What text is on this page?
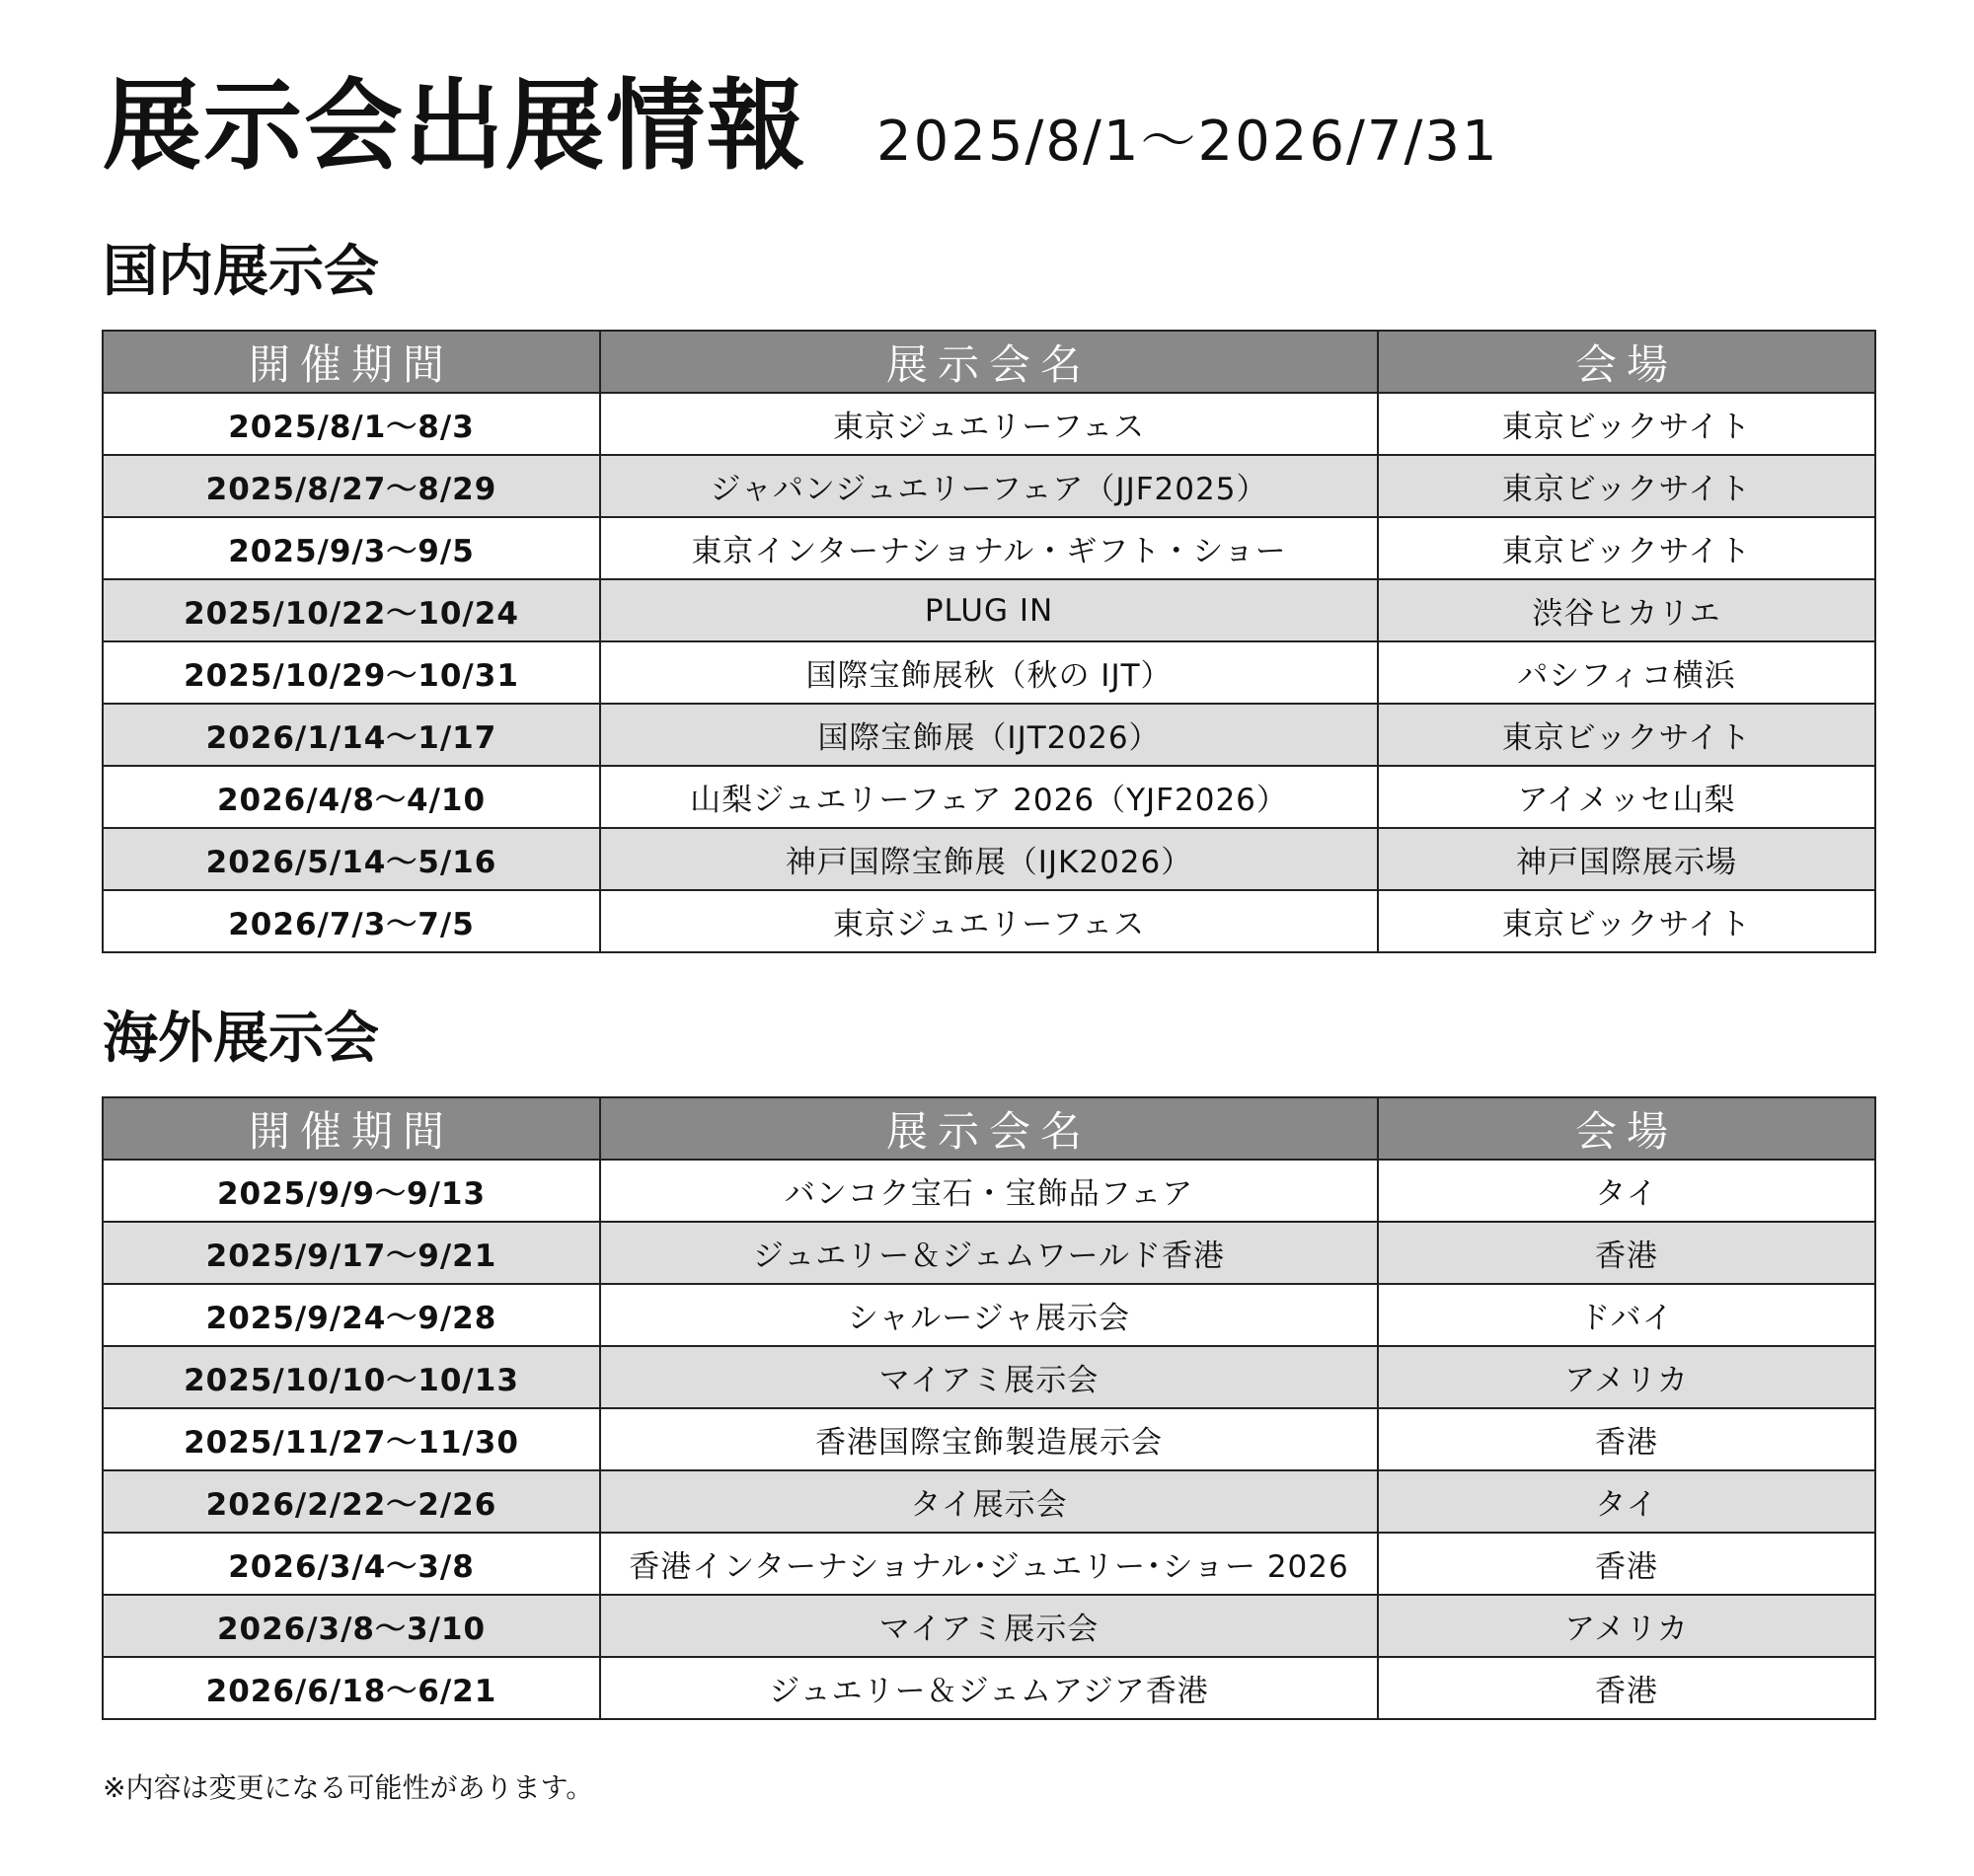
展示会出展情報 2025/8/1～2026/7/31
国内展示会
開催期間	展示会名	会場
2025/8/1～8/3	東京ジュエリーフェス	東京ビックサイト
2025/8/27～8/29	ジャパンジュエリーフェア（JJF2025）	東京ビックサイト
2025/9/3～9/5	東京インターナショナル・ギフト・ショー	東京ビックサイト
2025/10/22～10/24	PLUG IN	渋谷ヒカリエ
2025/10/29～10/31	国際宝飾展秋（秋の IJT）	パシフィコ横浜
2026/1/14～1/17	国際宝飾展（IJT2026）	東京ビックサイト
2026/4/8～4/10	山梨ジュエリーフェア 2026（YJF2026）	アイメッセ山梨
2026/5/14～5/16	神戸国際宝飾展（IJK2026）	神戸国際展示場
2026/7/3～7/5	東京ジュエリーフェス	東京ビックサイト
海外展示会
開催期間	展示会名	会場
2025/9/9～9/13	バンコク宝石・宝飾品フェア	タイ
2025/9/17～9/21	ジュエリー＆ジェムワールド香港	香港
2025/9/24～9/28	シャルージャ展示会	ドバイ
2025/10/10～10/13	マイアミ展示会	アメリカ
2025/11/27～11/30	香港国際宝飾製造展示会	香港
2026/2/22～2/26	タイ展示会	タイ
2026/3/4～3/8	香港インターナショナル･ジュエリー･ショー 2026	香港
2026/3/8～3/10	マイアミ展示会	アメリカ
2026/6/18～6/21	ジュエリー＆ジェムアジア香港	香港
※内容は変更になる可能性があります。
